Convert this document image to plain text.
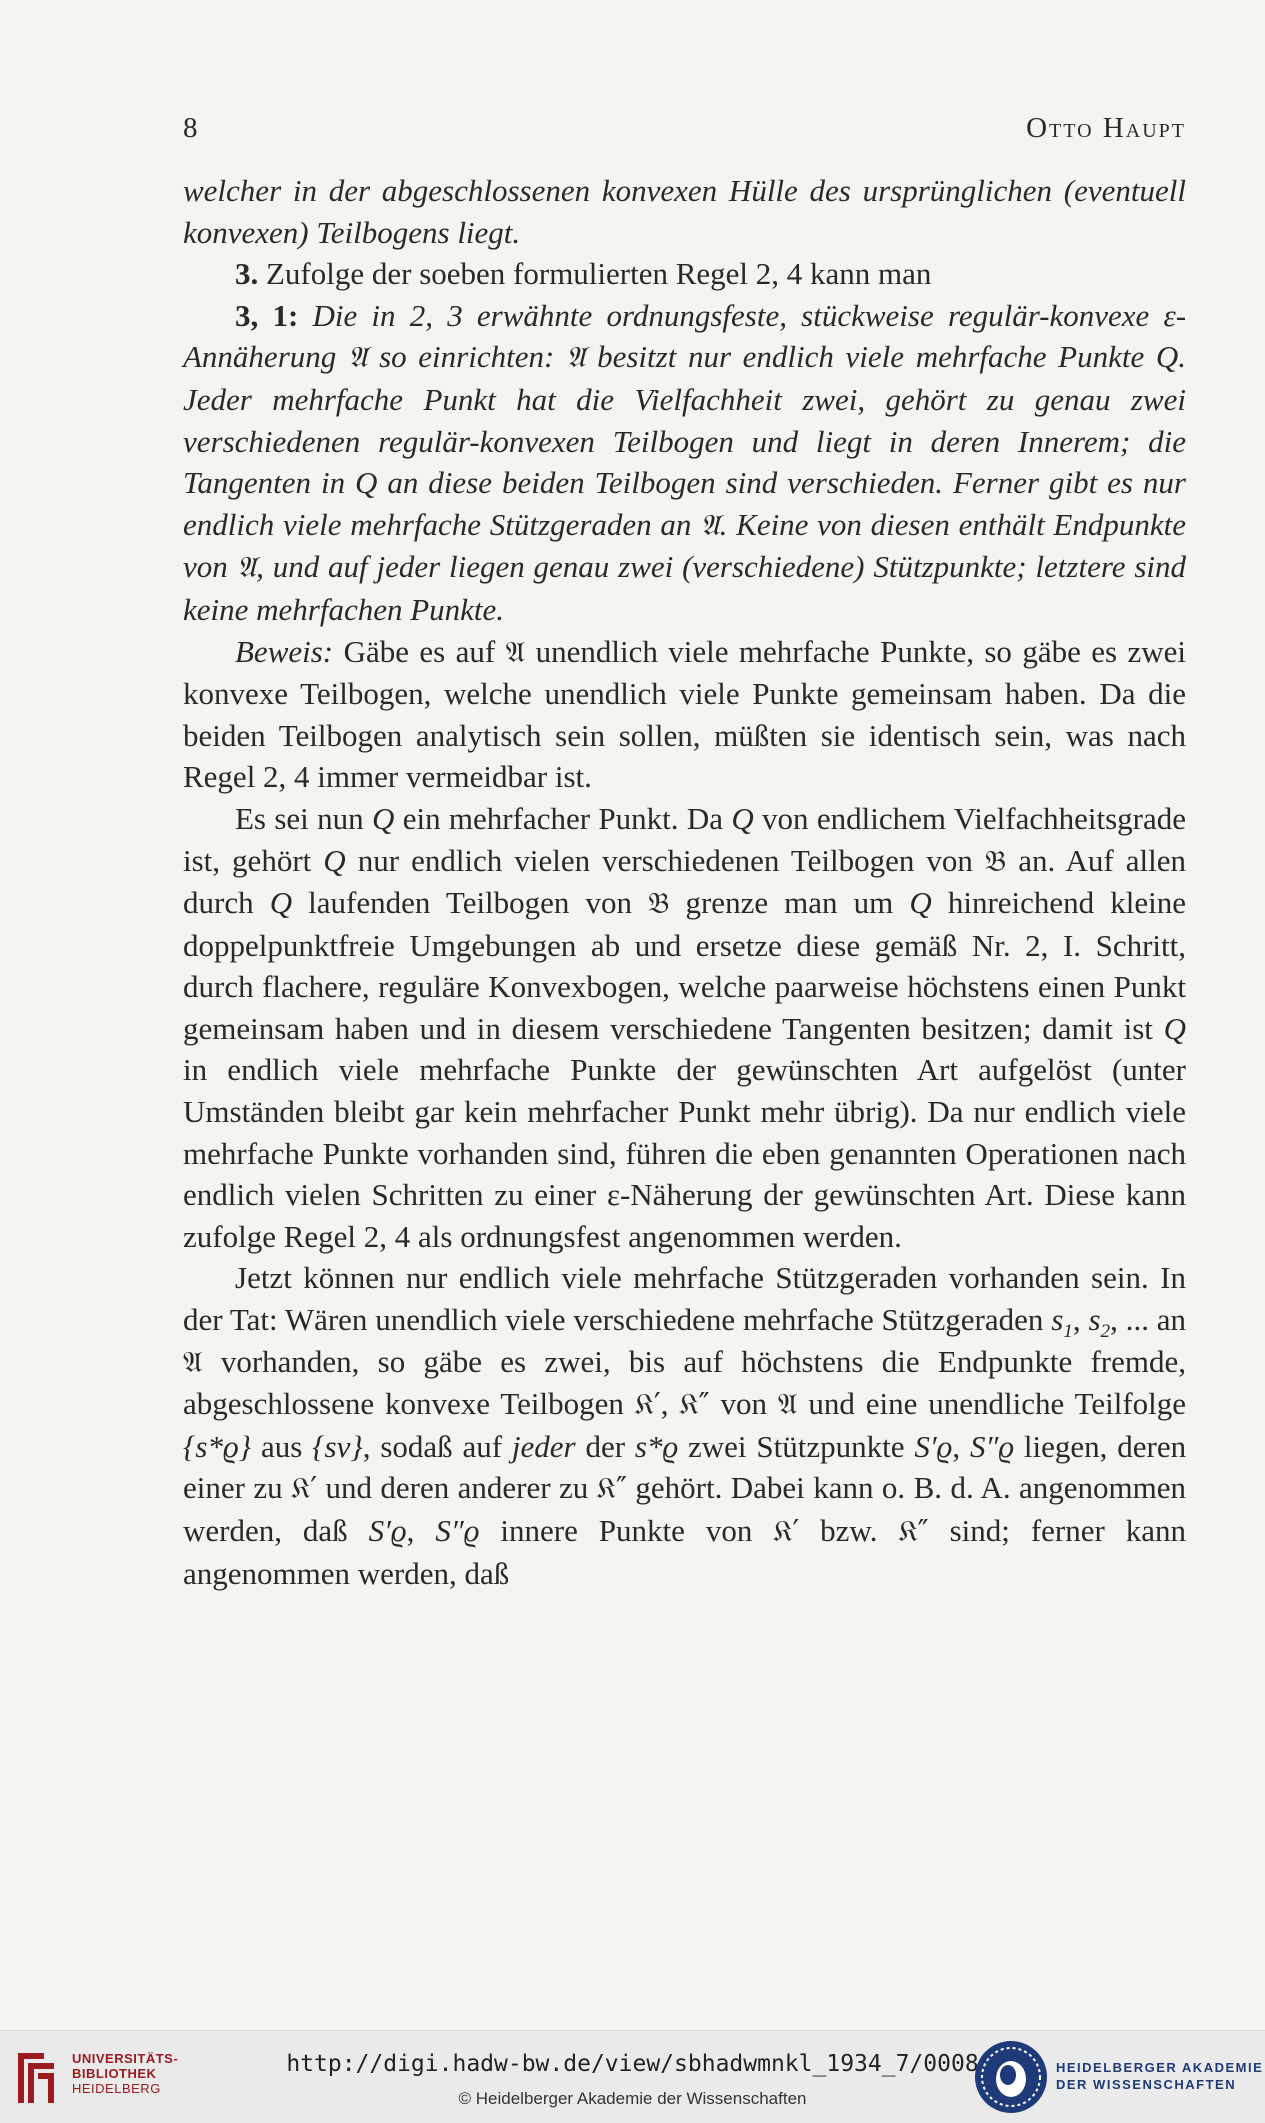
8	Otto Haupt

welcher in der abgeschlossenen konvexen Hülle des ursprünglichen (eventuell konvexen) Teilbogens liegt.

3. Zufolge der soeben formulierten Regel 2, 4 kann man

3, 1: Die in 2, 3 erwähnte ordnungsfeste, stückweise regulär-konvexe ε-Annäherung 𝔄 so einrichten: 𝔄 besitzt nur endlich viele mehrfache Punkte Q. Jeder mehrfache Punkt hat die Vielfachheit zwei, gehört zu genau zwei verschiedenen regulär-konvexen Teilbogen und liegt in deren Innerem; die Tangenten in Q an diese beiden Teilbogen sind verschieden. Ferner gibt es nur endlich viele mehrfache Stützgeraden an 𝔄. Keine von diesen enthält Endpunkte von 𝔄, und auf jeder liegen genau zwei (verschiedene) Stützpunkte; letztere sind keine mehrfachen Punkte.

Beweis: Gäbe es auf 𝔄 unendlich viele mehrfache Punkte, so gäbe es zwei konvexe Teilbogen, welche unendlich viele Punkte gemeinsam haben. Da die beiden Teilbogen analytisch sein sollen, müßten sie identisch sein, was nach Regel 2, 4 immer vermeidbar ist.

Es sei nun Q ein mehrfacher Punkt. Da Q von endlichem Vielfachheitsgrade ist, gehört Q nur endlich vielen verschiedenen Teilbogen von 𝔅 an. Auf allen durch Q laufenden Teilbogen von 𝔅 grenze man um Q hinreichend kleine doppelpunktfreie Umgebungen ab und ersetze diese gemäß Nr. 2, I. Schritt, durch flachere, reguläre Konvexbogen, welche paarweise höchstens einen Punkt gemeinsam haben und in diesem verschiedene Tangenten besitzen; damit ist Q in endlich viele mehrfache Punkte der gewünschten Art aufgelöst (unter Umständen bleibt gar kein mehrfacher Punkt mehr übrig). Da nur endlich viele mehrfache Punkte vorhanden sind, führen die eben genannten Operationen nach endlich vielen Schritten zu einer ε-Näherung der gewünschten Art. Diese kann zufolge Regel 2, 4 als ordnungsfest angenommen werden.

Jetzt können nur endlich viele mehrfache Stützgeraden vorhanden sein. In der Tat: Wären unendlich viele verschiedene mehrfache Stützgeraden $s_1$, $s_2$, ... an 𝔄 vorhanden, so gäbe es zwei, bis auf höchstens die Endpunkte fremde, abgeschlossene konvexe Teilbogen 𝔎′, 𝔎″ von 𝔄 und eine unendliche Teilfolge {s*ϱ} aus {sν}, sodaß auf jeder der s*ϱ zwei Stützpunkte S′ϱ, S″ϱ liegen, deren einer zu 𝔎′ und deren anderer zu 𝔎″ gehört. Dabei kann o. B. d. A. angenommen werden, daß S′ϱ, S″ϱ innere Punkte von 𝔎′ bzw. 𝔎″ sind; ferner kann angenommen werden, daß

UNIVERSITÄTS-
BIBLIOTHEK
HEIDELBERG
http://digi.hadw-bw.de/view/sbhadwmnkl_1934_7/0008
© Heidelberger Akademie der Wissenschaften
HEIDELBERGER AKADEMIE
DER WISSENSCHAFTEN
